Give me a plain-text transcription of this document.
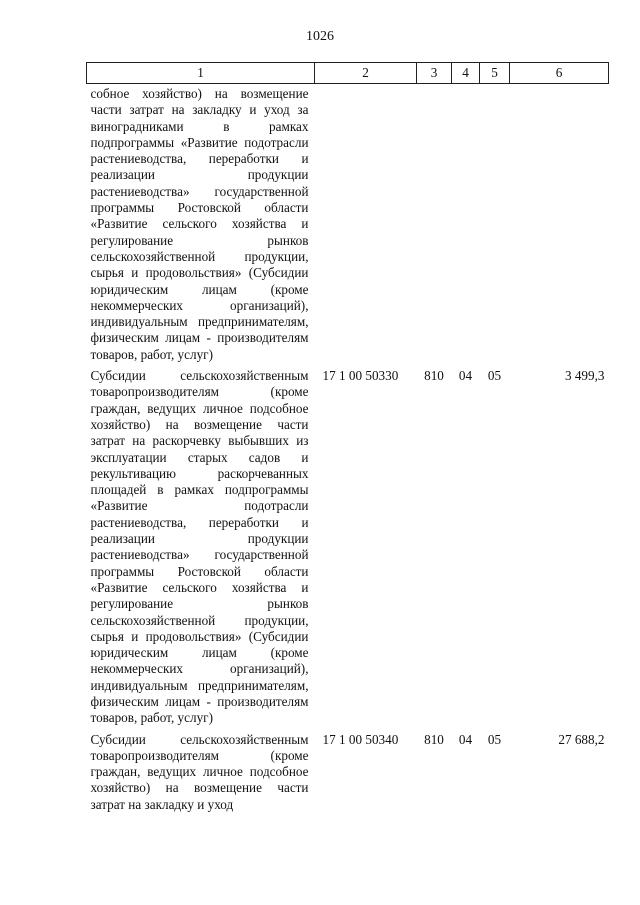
1026
1	2	3	4	5	6
собное хозяйство) на возмещение части затрат на закладку и уход за виноградниками в рамках подпрограммы «Развитие подотрасли растениеводства, переработки и реализации продукции растениеводства» государственной программы Ростовской области «Развитие сельского хозяйства и регулирование рынков сельскохозяйственной продукции, сырья и продовольствия» (Субсидии юридическим лицам (кроме некоммерческих организаций), индивидуальным предпринимателям, физическим лицам - производителям товаров, работ, услуг)					
Субсидии сельскохозяйственным товаропроизводителям (кроме граждан, ведущих личное подсобное хозяйство) на возмещение части затрат на раскорчевку выбывших из эксплуатации старых садов и рекультивацию раскорчеванных площадей в рамках подпрограммы «Развитие подотрасли растениеводства, переработки и реализации продукции растениеводства» государственной программы Ростовской области «Развитие сельского хозяйства и регулирование рынков сельскохозяйственной продукции, сырья и продовольствия» (Субсидии юридическим лицам (кроме некоммерческих организаций), индивидуальным предпринимателям, физическим лицам - производителям товаров, работ, услуг)	17 1 00 50330	810	04	05	3 499,3
Субсидии сельскохозяйственным товаропроизводителям (кроме граждан, ведущих личное подсобное хозяйство) на возмещение части затрат на закладку и уход	17 1 00 50340	810	04	05	27 688,2
